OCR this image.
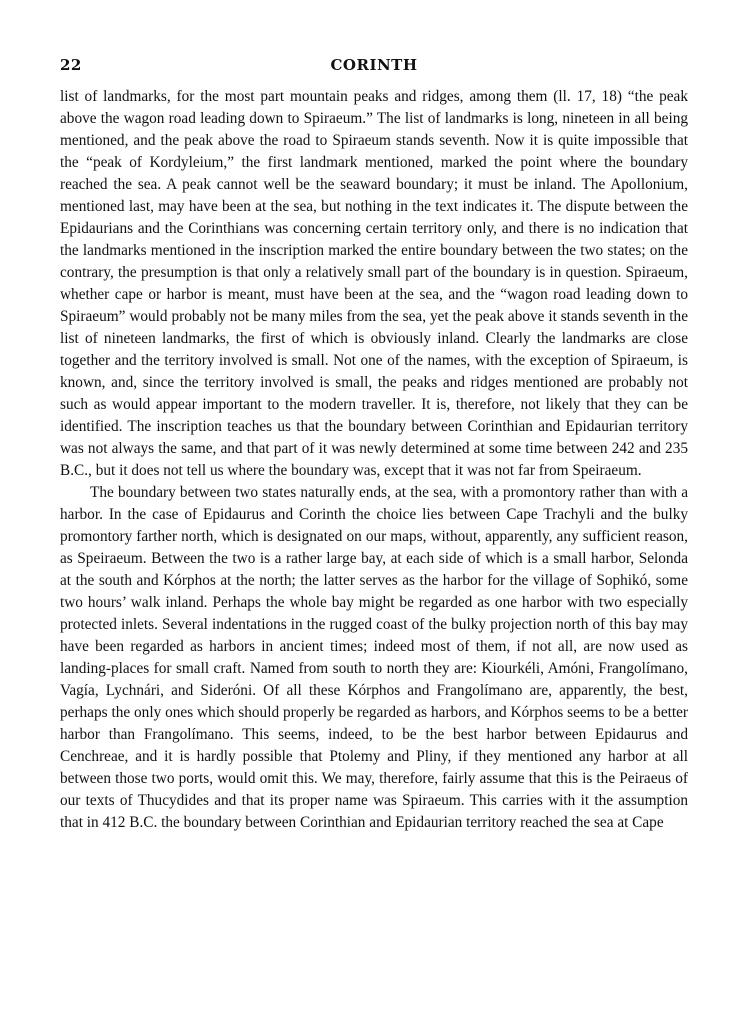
22	CORINTH

list of landmarks, for the most part mountain peaks and ridges, among them (ll. 17, 18) “the peak above the wagon road leading down to Spiraeum.” The list of landmarks is long, nineteen in all being mentioned, and the peak above the road to Spiraeum stands seventh. Now it is quite impossible that the “peak of Kordyleium,” the first landmark mentioned, marked the point where the boundary reached the sea. A peak cannot well be the seaward boundary; it must be inland. The Apollonium, mentioned last, may have been at the sea, but nothing in the text indicates it. The dispute between the Epidaurians and the Corinthians was concerning certain territory only, and there is no indication that the landmarks mentioned in the inscription marked the entire boundary between the two states; on the contrary, the presumption is that only a relatively small part of the boundary is in question. Spiraeum, whether cape or harbor is meant, must have been at the sea, and the “wagon road leading down to Spiraeum” would probably not be many miles from the sea, yet the peak above it stands seventh in the list of nineteen landmarks, the first of which is obviously inland. Clearly the landmarks are close together and the territory involved is small. Not one of the names, with the exception of Spiraeum, is known, and, since the territory involved is small, the peaks and ridges mentioned are probably not such as would appear important to the modern traveller. It is, therefore, not likely that they can be identified. The inscription teaches us that the boundary between Corinthian and Epidaurian territory was not always the same, and that part of it was newly determined at some time between 242 and 235 B.C., but it does not tell us where the boundary was, except that it was not far from Speiraeum.

The boundary between two states naturally ends, at the sea, with a promontory rather than with a harbor. In the case of Epidaurus and Corinth the choice lies between Cape Trachyli and the bulky promontory farther north, which is designated on our maps, without, apparently, any sufficient reason, as Speiraeum. Between the two is a rather large bay, at each side of which is a small harbor, Selonda at the south and Kórphos at the north; the latter serves as the harbor for the village of Sophikó, some two hours’ walk inland. Perhaps the whole bay might be regarded as one harbor with two especially protected inlets. Several indentations in the rugged coast of the bulky projection north of this bay may have been regarded as harbors in ancient times; indeed most of them, if not all, are now used as landing-places for small craft. Named from south to north they are: Kiourkéli, Amóni, Frangolímano, Vagía, Lychnári, and Sideróni. Of all these Kórphos and Frangolímano are, apparently, the best, perhaps the only ones which should properly be regarded as harbors, and Kórphos seems to be a better harbor than Frangolímano. This seems, indeed, to be the best harbor between Epidaurus and Cenchreae, and it is hardly possible that Ptolemy and Pliny, if they mentioned any harbor at all between those two ports, would omit this. We may, therefore, fairly assume that this is the Peiraeus of our texts of Thucydides and that its proper name was Spiraeum. This carries with it the assumption that in 412 B.C. the boundary between Corinthian and Epidaurian territory reached the sea at Cape
